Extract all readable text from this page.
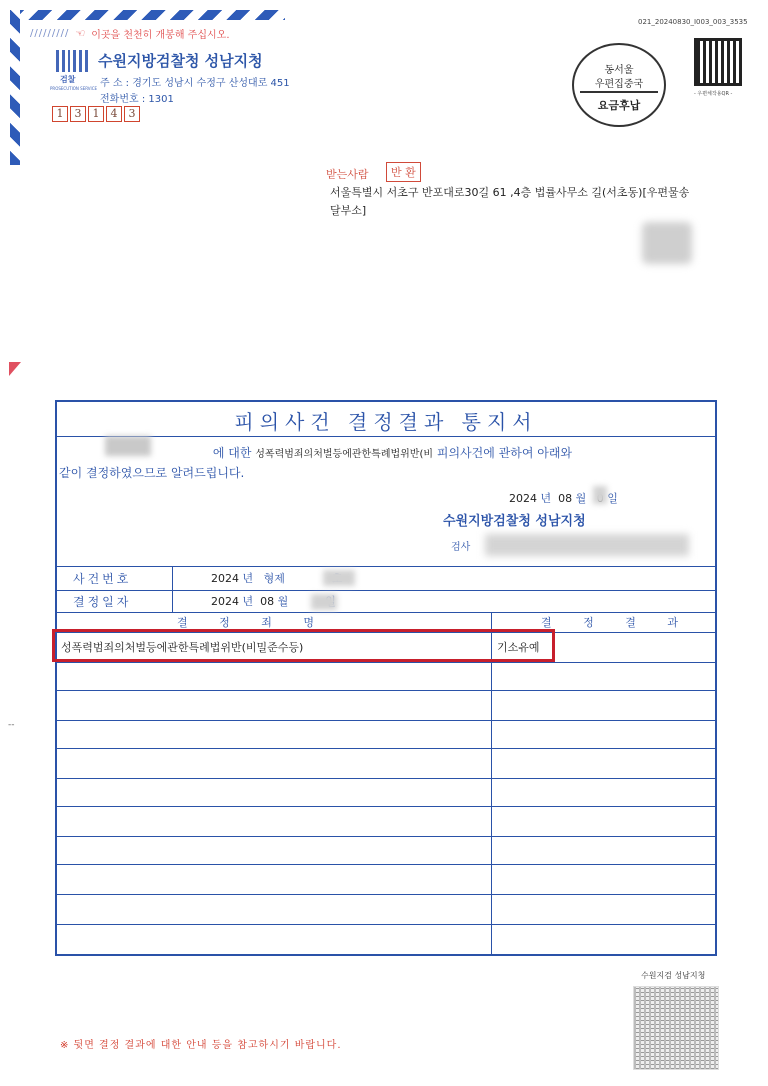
///////// ☜ 이곳을 천천히 개봉해 주십시오.
검찰
PROSECUTION SERVICE
수원지방검찰청 성남지청
주 소 : 경기도 성남시 수정구 산성대로 451
전화번호 : 1301
1	3	1	4	3
021_20240830_I003_003_3535
동서울
우편집중국
요금후납
- 우편체작용QR -
받는사람	반 환
서울특별시 서초구 반포대로30길 61 ,4층 법률사무소 길(서초동)[우편물송달부소]
--
피의사건 결정결과 통지서
에 대한 성폭력범죄의처벌등에관한특례법위반(비 피의사건에 관하여 아래와
같이 결정하였으므로 알려드립니다.
2024 년 08 월 일
수원지방검찰청 성남지청
검사
사건번호	2024 년 형제
결정일자	2024 년 08 월
결 정 죄 명	결 정 결 과
성폭력범죄의처벌등에관한특례법위반(비밀준수등)	기소유예
수원지검 성남지청
※ 뒷면 결정 결과에 대한 안내 등을 참고하시기 바랍니다.
